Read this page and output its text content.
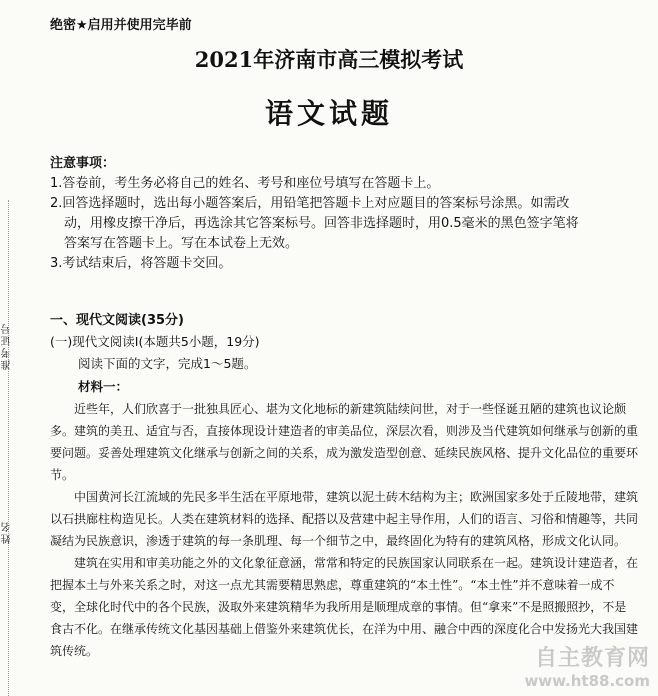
准考证号
姓名
绝密★启用并使用完毕前
2021年济南市高三模拟考试
语文试题
注意事项：

1.答卷前，考生务必将自己的姓名、考号和座位号填写在答题卡上。

2.回答选择题时，选出每小题答案后，用铅笔把答题卡上对应题目的答案标号涂黑。如需改

动，用橡皮擦干净后，再选涂其它答案标号。回答非选择题时，用0.5毫米的黑色签字笔将

答案写在答题卡上。写在本试卷上无效。

3.考试结束后，将答题卡交回。

一、现代文阅读(35分)
(一)现代文阅读Ⅰ(本题共5小题，19分)
阅读下面的文字，完成1～5题。
材料一：

近些年，人们欣喜于一批独具匠心、堪为文化地标的新建筑陆续问世，对于一些怪诞丑陋的建筑也议论颇多。建筑的美丑、适宜与否，直接体现设计建造者的审美品位，深层次看，则涉及当代建筑如何继承与创新的重要问题。妥善处理建筑文化继承与创新之间的关系，成为激发造型创意、延续民族风格、提升文化品位的重要环节。

中国黄河长江流域的先民多半生活在平原地带，建筑以泥土砖木结构为主；欧洲国家多处于丘陵地带，建筑以石拱廊柱构造见长。人类在建筑材料的选择、配搭以及营建中起主导作用，人们的语言、习俗和情趣等，共同凝结为民族意识，渗透于建筑的每一条肌理、每一个细节之中，最终固化为特有的建筑风格，形成文化认同。

建筑在实用和审美功能之外的文化象征意涵，常常和特定的民族国家认同联系在一起。建筑设计建造者，在把握本土与外来关系之时，对这一点尤其需要精思熟虑，尊重建筑的“本土性”。“本土性”并不意味着一成不变，全球化时代中的各个民族，汲取外来建筑精华为我所用是顺理成章的事情。但“拿来”不是照搬照抄，不是食古不化。在继承传统文化基因基础上借鉴外来建筑优长，在洋为中用、融合中西的深度化合中发扬光大我国建筑传统。	自主教育网
www.ht88.com
